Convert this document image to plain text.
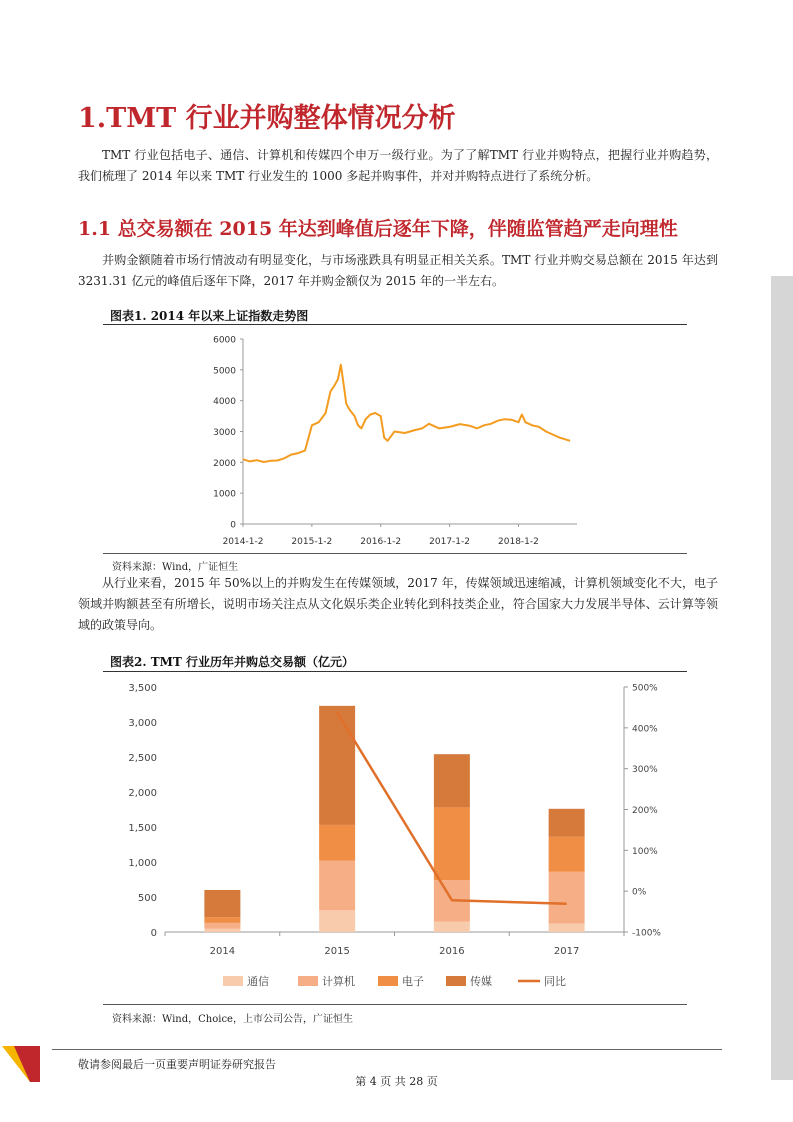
1.TMT 行业并购整体情况分析
TMT 行业包括电子、通信、计算机和传媒四个申万一级行业。为了了解TMT 行业并购特点，把握行业并购趋势，我们梳理了 2014 年以来 TMT 行业发生的 1000 多起并购事件，并对并购特点进行了系统分析。
1.1 总交易额在 2015 年达到峰值后逐年下降，伴随监管趋严走向理性
并购金额随着市场行情波动有明显变化，与市场涨跌具有明显正相关关系。TMT 行业并购交易总额在 2015 年达到 3231.31 亿元的峰值后逐年下降，2017 年并购金额仅为 2015 年的一半左右。
图表1. 2014 年以来上证指数走势图
0
1000
2000
3000
4000
5000
6000
2014-1-2	2015-1-2	2016-1-2	2017-1-2	2018-1-2
资料来源：Wind，广证恒生
从行业来看，2015 年 50%以上的并购发生在传媒领域，2017 年，传媒领域迅速缩减，计算机领域变化不大，电子领域并购额甚至有所增长，说明市场关注点从文化娱乐类企业转化到科技类企业，符合国家大力发展半导体、云计算等领域的政策导向。
图表2. TMT 行业历年并购总交易额（亿元）
0
500
1,000
1,500
2,000
2,500
3,000
3,500
-100%
0%
100%
200%
300%
400%
500%
2014	2015	2016	2017
通信	计算机	电子	传媒	同比
资料来源：Wind，Choice，上市公司公告，广证恒生
敬请参阅最后一页重要声明证券研究报告
第 4 页 共 28 页
